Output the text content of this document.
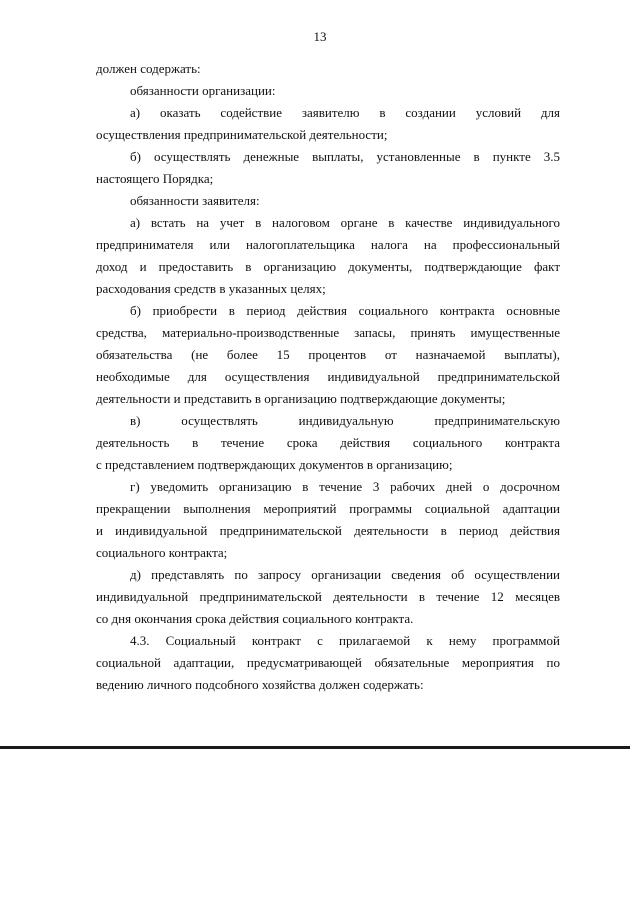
13

должен содержать:

обязанности организации:

а) оказать содействие заявителю в создании условий для
осуществления предпринимательской деятельности;

б) осуществлять денежные выплаты, установленные в пункте 3.5
настоящего Порядка;

обязанности заявителя:

а) встать на учет в налоговом органе в качестве индивидуального
предпринимателя или налогоплательщика налога на профессиональный
доход и предоставить в организацию документы, подтверждающие факт
расходования средств в указанных целях;

б) приобрести в период действия социального контракта основные
средства, материально-производственные запасы, принять имущественные
обязательства (не более 15 процентов от назначаемой выплаты),
необходимые для осуществления индивидуальной предпринимательской
деятельности и представить в организацию подтверждающие документы;

в) осуществлять индивидуальную предпринимательскую
деятельность в течение срока действия социального контракта
с представлением подтверждающих документов в организацию;

г) уведомить организацию в течение 3 рабочих дней о досрочном
прекращении выполнения мероприятий программы социальной адаптации
и индивидуальной предпринимательской деятельности в период действия
социального контракта;

д) представлять по запросу организации сведения об осуществлении
индивидуальной предпринимательской деятельности в течение 12 месяцев
со дня окончания срока действия социального контракта.

4.3. Социальный контракт с прилагаемой к нему программой
социальной адаптации, предусматривающей обязательные мероприятия по
ведению личного подсобного хозяйства должен содержать:
